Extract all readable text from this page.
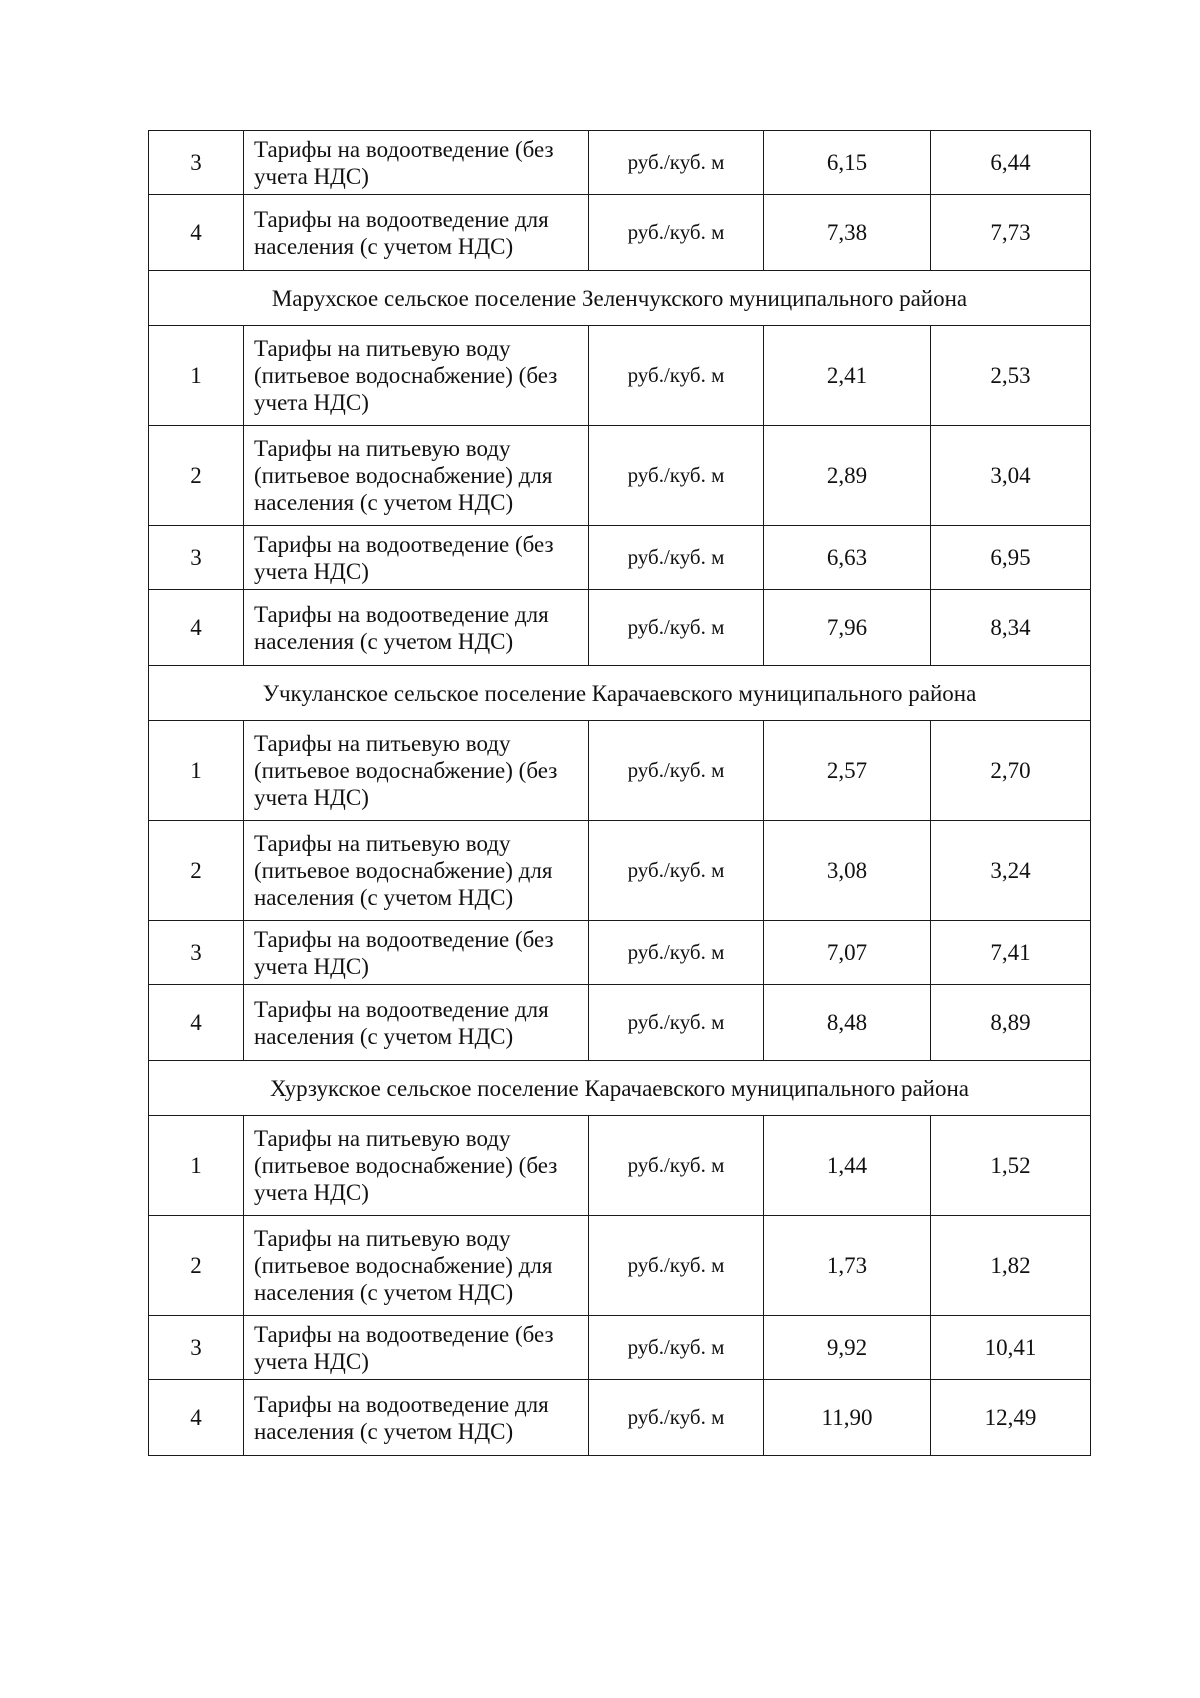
3	Тарифы на водоотведение (без учета НДС)	руб./куб. м	6,15	6,44
4	Тарифы на водоотведение для населения (с учетом НДС)	руб./куб. м	7,38	7,73
Марухское сельское поселение Зеленчукского муниципального района				
1	Тарифы на питьевую воду (питьевое водоснабжение) (без учета НДС)	руб./куб. м	2,41	2,53
2	Тарифы на питьевую воду (питьевое водоснабжение) для населения (с учетом НДС)	руб./куб. м	2,89	3,04
3	Тарифы на водоотведение (без учета НДС)	руб./куб. м	6,63	6,95
4	Тарифы на водоотведение для населения (с учетом НДС)	руб./куб. м	7,96	8,34
Учкуланское сельское поселение Карачаевского муниципального района				
1	Тарифы на питьевую воду (питьевое водоснабжение) (без учета НДС)	руб./куб. м	2,57	2,70
2	Тарифы на питьевую воду (питьевое водоснабжение) для населения (с учетом НДС)	руб./куб. м	3,08	3,24
3	Тарифы на водоотведение (без учета НДС)	руб./куб. м	7,07	7,41
4	Тарифы на водоотведение для населения (с учетом НДС)	руб./куб. м	8,48	8,89
Хурзукское сельское поселение Карачаевского муниципального района				
1	Тарифы на питьевую воду (питьевое водоснабжение) (без учета НДС)	руб./куб. м	1,44	1,52
2	Тарифы на питьевую воду (питьевое водоснабжение) для населения (с учетом НДС)	руб./куб. м	1,73	1,82
3	Тарифы на водоотведение (без учета НДС)	руб./куб. м	9,92	10,41
4	Тарифы на водоотведение для населения (с учетом НДС)	руб./куб. м	11,90	12,49
